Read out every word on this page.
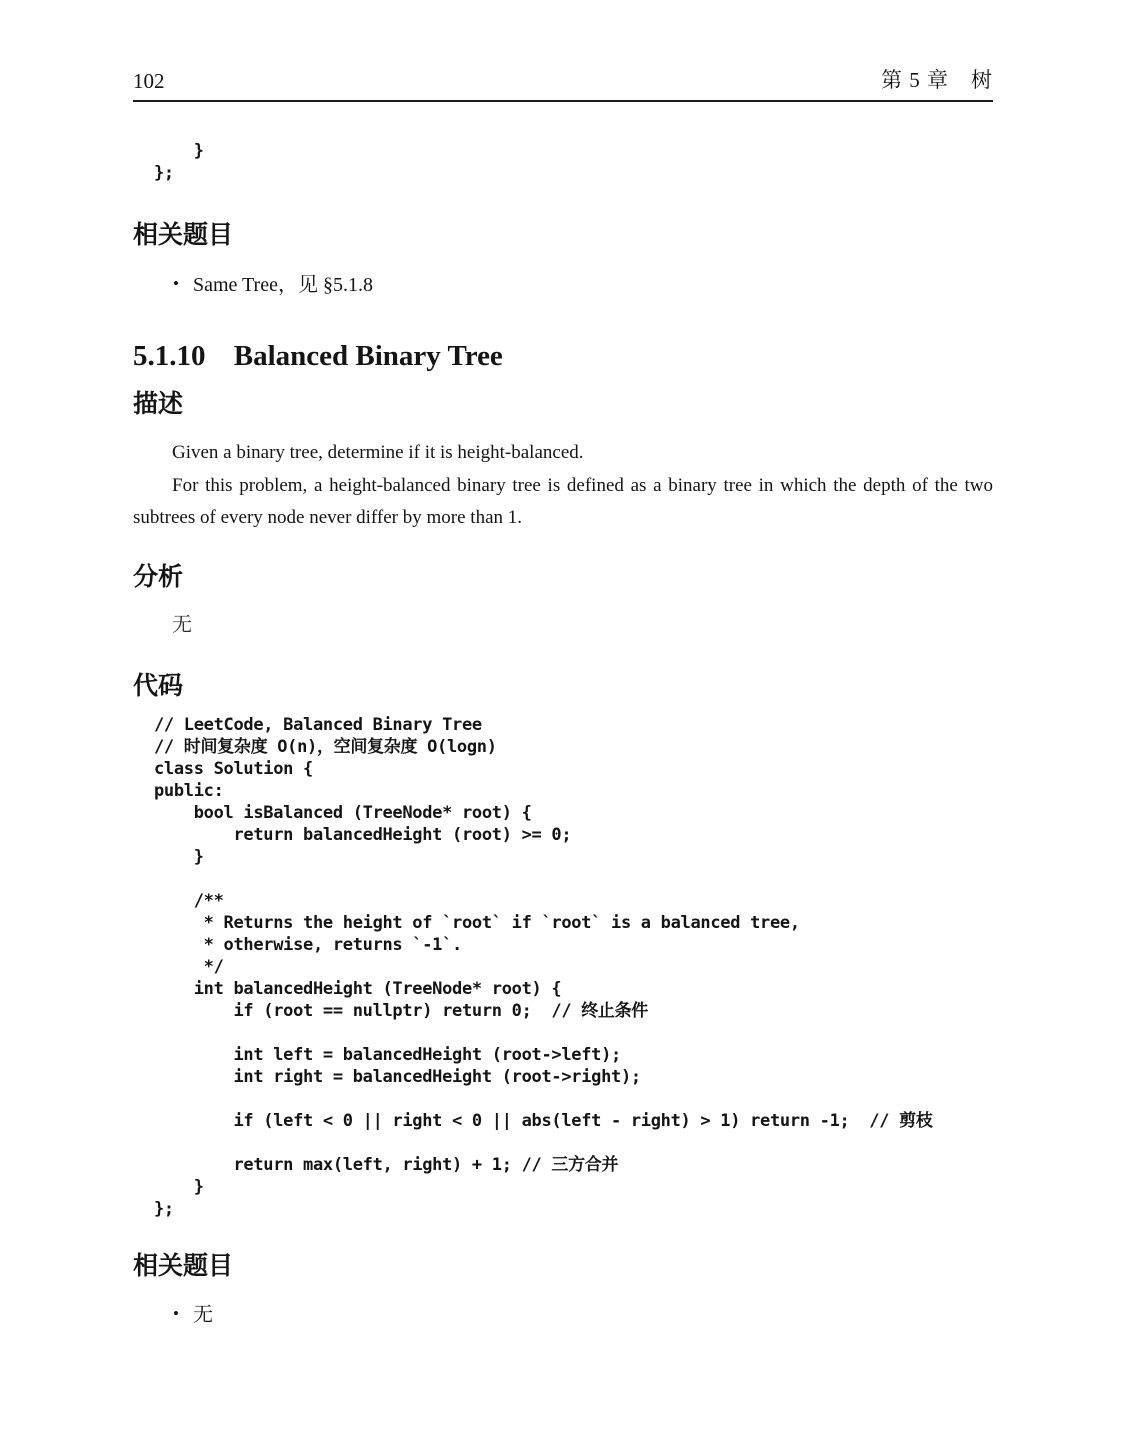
102	第 5 章　树
}
};
相关题目
• Same Tree，见 §5.1.8
5.1.10 Balanced Binary Tree
描述

Given a binary tree, determine if it is height-balanced.

For this problem, a height-balanced binary tree is defined as a binary tree in which the depth of the two subtrees of every node never differ by more than 1.

分析
无
代码
// LeetCode, Balanced Binary Tree
// 时间复杂度 O(n)，空间复杂度 O(logn)
class Solution {
public:
bool isBalanced (TreeNode* root) {
return balancedHeight (root) >= 0;
}
/**
* Returns the height of `root` if `root` is a balanced tree,
* otherwise, returns `-1`.
*/
int balancedHeight (TreeNode* root) {
if (root == nullptr) return 0;  // 终止条件
int left = balancedHeight (root->left);
int right = balancedHeight (root->right);
if (left < 0 || right < 0 || abs(left - right) > 1) return -1;  // 剪枝
return max(left, right) + 1; // 三方合并
}
};
相关题目
• 无
